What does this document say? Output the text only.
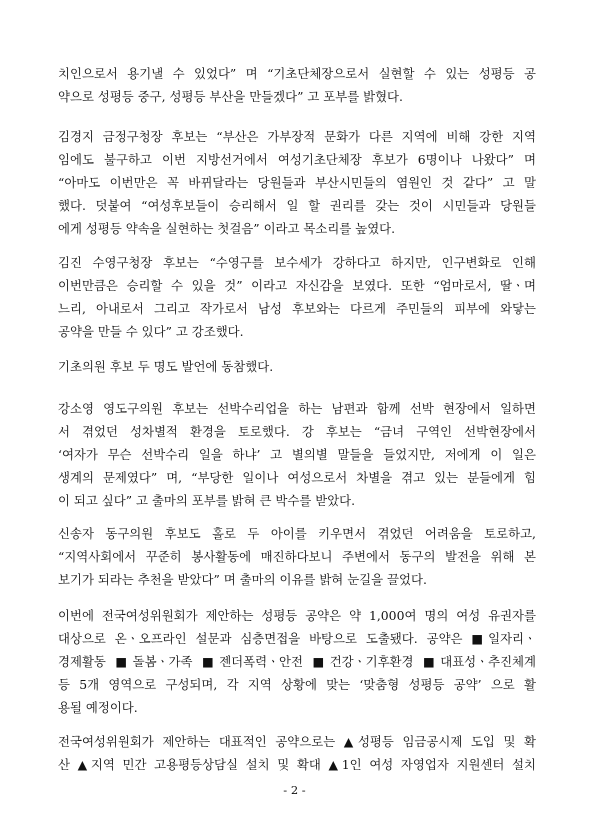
치인으로서 용기낼 수 있었다” 며 “기초단체장으로서 실현할 수 있는 성평등 공
약으로 성평등 중구, 성평등 부산을 만들겠다” 고 포부를 밝혔다.
김경지 금정구청장 후보는 “부산은 가부장적 문화가 다른 지역에 비해 강한 지역
임에도 불구하고 이번 지방선거에서 여성기초단체장 후보가 6명이나 나왔다” 며
“아마도 이번만은 꼭 바뀌달라는 당원들과 부산시민들의 염원인 것 같다” 고 말
했다. 덧붙여 “여성후보들이 승리해서 일 할 권리를 갖는 것이 시민들과 당원들
에게 성평등 약속을 실현하는 첫걸음” 이라고 목소리를 높였다.
김진 수영구청장 후보는 “수영구를 보수세가 강하다고 하지만, 인구변화로 인해
이번만큼은 승리할 수 있을 것” 이라고 자신감을 보였다. 또한 “엄마로서, 딸ㆍ며
느리, 아내로서 그리고 작가로서 남성 후보와는 다르게 주민들의 피부에 와닿는
공약을 만들 수 있다” 고 강조했다.
기초의원 후보 두 명도 발언에 동참했다.
강소영 영도구의원 후보는 선박수리업을 하는 남편과 함께 선박 현장에서 일하면
서 겪었던 성차별적 환경을 토로했다. 강 후보는 “금녀 구역인 선박현장에서
‘여자가 무슨 선박수리 일을 하냐’ 고 별의별 말들을 들었지만, 저에게 이 일은
생계의 문제였다” 며, “부당한 일이나 여성으로서 차별을 겪고 있는 분들에게 힘
이 되고 싶다” 고 출마의 포부를 밝혀 큰 박수를 받았다.
신송자 동구의원 후보도 홀로 두 아이를 키우면서 겪었던 어려움을 토로하고,
“지역사회에서 꾸준히 봉사활동에 매진하다보니 주변에서 동구의 발전을 위해 본
보기가 되라는 추천을 받았다” 며 출마의 이유를 밝혀 눈길을 끌었다.
이번에 전국여성위원회가 제안하는 성평등 공약은 약 1,000여 명의 여성 유권자를
대상으로 온ㆍ오프라인 설문과 심층면접을 바탕으로 도출됐다. 공약은 ■일자리ㆍ
경제활동 ■돌봄ㆍ가족 ■젠더폭력ㆍ안전 ■건강ㆍ기후환경 ■대표성ㆍ추진체계
등 5개 영역으로 구성되며, 각 지역 상황에 맞는 ‘맞춤형 성평등 공약’ 으로 활
용될 예정이다.
전국여성위원회가 제안하는 대표적인 공약으로는 ▲성평등 임금공시제 도입 및 확
산 ▲지역 민간 고용평등상담실 설치 및 확대 ▲1인 여성 자영업자 지원센터 설치
- 2 -
